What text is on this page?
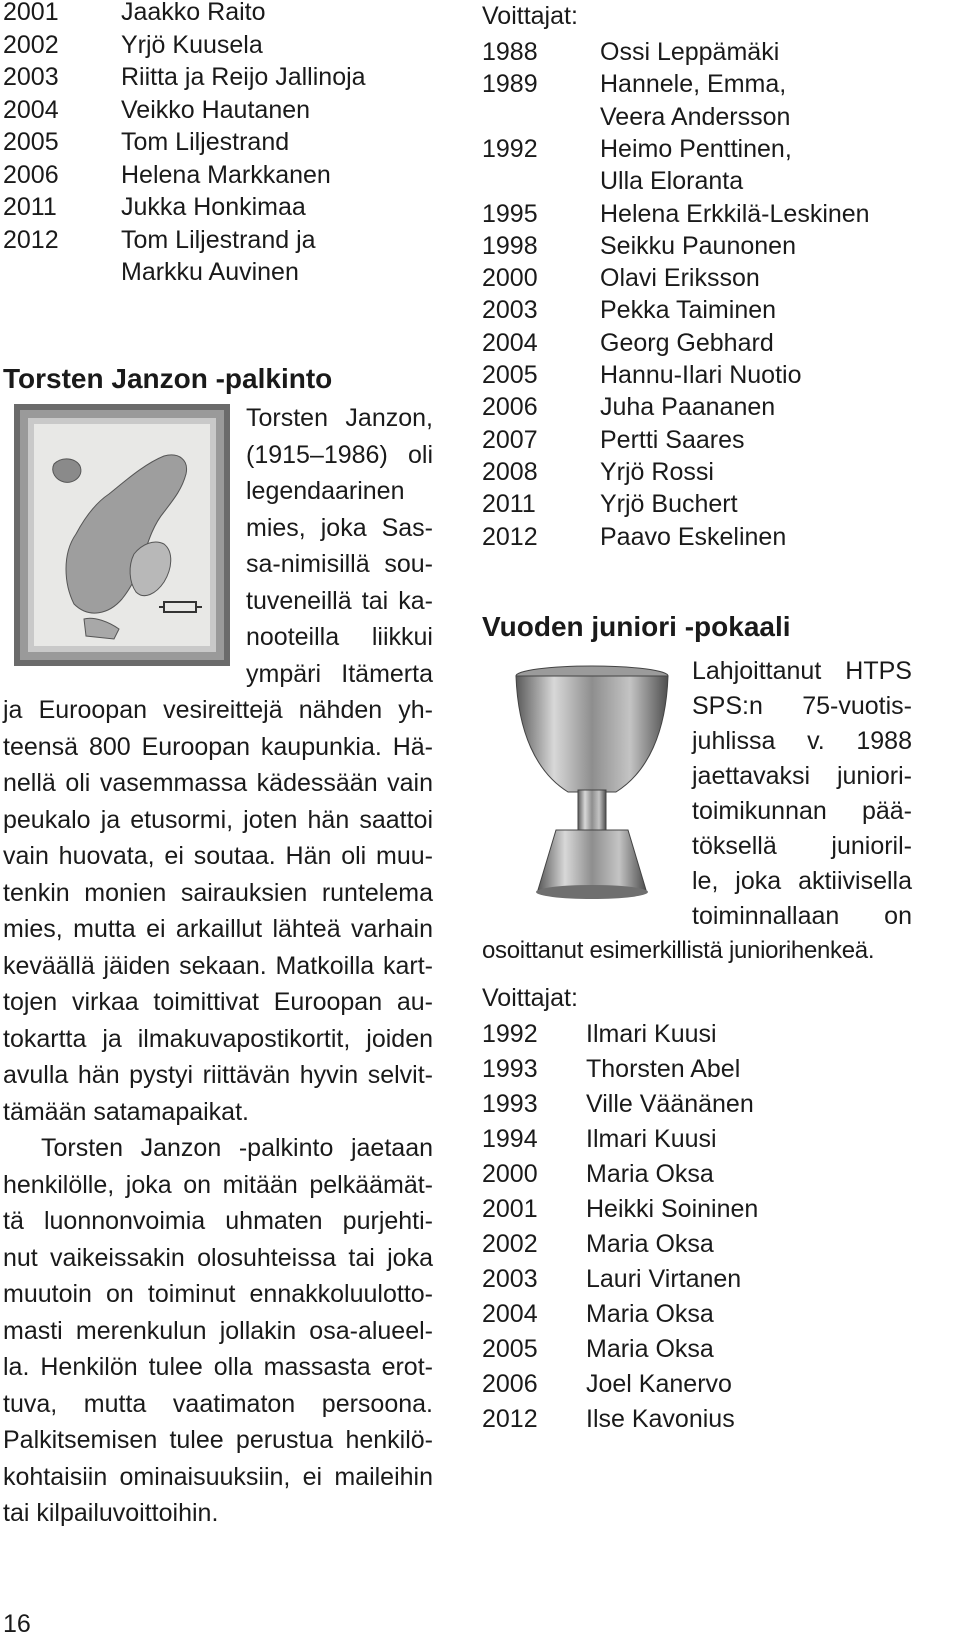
2001 Jaakko Raito
2002 Yrjö Kuusela
2003 Riitta ja Reijo Jallinoja
2004 Veikko Hautanen
2005 Tom Liljestrand
2006 Helena Markkanen
2011	Jukka Honkimaa
2012 Tom Liljestrand ja
Markku Auvinen
Torsten Janzon -palkinto

Torsten Janzon,
(1915–1986) oli
legendaarinen
mies, joka Sas-
sa-nimisillä sou-
tuveneillä tai ka-
nooteilla liikkui
ympäri Itämerta

ja Euroopan vesireittejä nähden yh-
teensä 800 Euroopan kaupunkia. Hä-
nellä oli vasemmassa kädessään vain
peukalo ja etusormi, joten hän saattoi
vain huovata, ei soutaa. Hän oli muu-
tenkin monien sairauksien runtelema
mies, mutta ei arkaillut lähteä varhain
keväällä jäiden sekaan. Matkoilla kart-
tojen virkaa toimittivat Euroopan au-
tokartta ja ilmakuvapostikortit, joiden
avulla hän pystyi riittävän hyvin selvit-
tämään satamapaikat.

Torsten Janzon -palkinto jaetaan
henkilölle, joka on mitään pelkäämät-
tä luonnonvoimia uhmaten purjehti-
nut vaikeissakin olosuhteissa tai joka
muutoin on toiminut ennakkoluulotto-
masti merenkulun jollakin osa-alueel-
la. Henkilön tulee olla massasta erot-
tuva, mutta vaatimaton persoona.
Palkitsemisen tulee perustua henkilö-
kohtaisiin ominaisuuksiin, ei maileihin
tai kilpailuvoittoihin.

Voittajat:
1988 Ossi Leppämäki
1989 Hannele, Emma,
Veera Andersson
1992 Heimo Penttinen,
Ulla Eloranta
1995 Helena Erkkilä-Leskinen
1998 Seikku Paunonen
2000 Olavi Eriksson
2003 Pekka Taiminen
2004 Georg Gebhard
2005 Hannu-Ilari Nuotio
2006 Juha Paananen
2007 Pertti Saares
2008 Yrjö Rossi
2011	Yrjö Buchert
2012 Paavo Eskelinen
Vuoden juniori -pokaali

Lahjoittanut HTPS
SPS:n 75-vuotis-
juhlissa v. 1988
jaettavaksi juniori-
toimikunnan pää-
töksellä junioril-
le, joka aktiivisella
toiminnallaan on

osoittanut esimerkillistä juniorihenkeä.
Voittajat:
1992 Ilmari Kuusi
1993 Thorsten Abel
1993 Ville Väänänen
1994 Ilmari Kuusi
2000 Maria Oksa
2001 Heikki Soininen
2002 Maria Oksa
2003 Lauri Virtanen
2004 Maria Oksa
2005 Maria Oksa
2006 Joel Kanervo
2012 Ilse Kavonius
16
